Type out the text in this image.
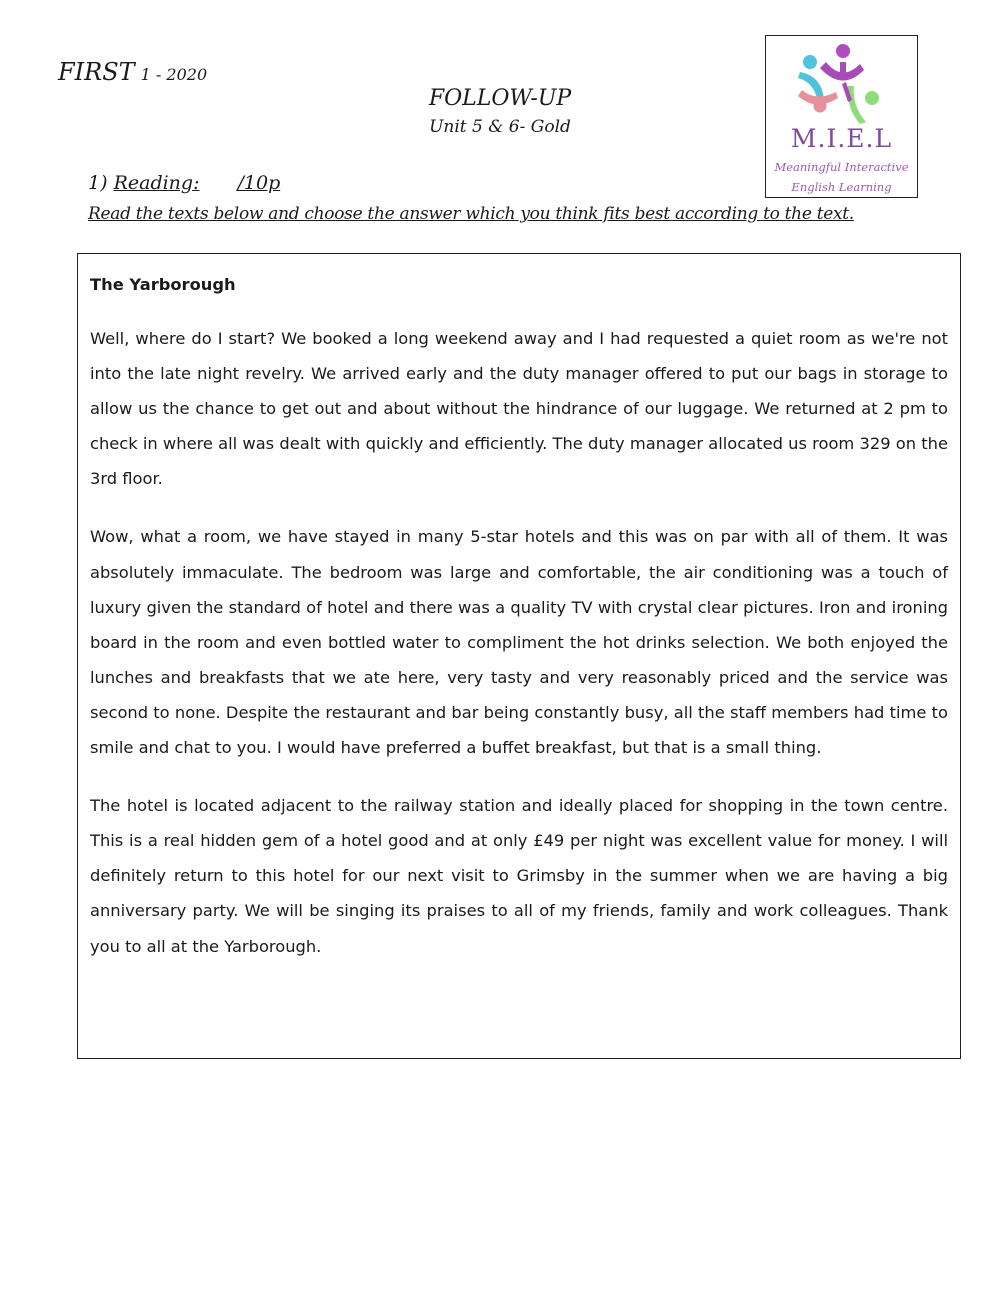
FIRST 1 - 2020
FOLLOW-UP
Unit 5 & 6- Gold	M.I.E.L
Meaningful Interactive
English Learning
1) Reading: /10p
Read the texts below and choose the answer which you think fits best according to the text.

The Yarborough

Well, where do I start? We booked a long weekend away and I had requested a quiet room as we're not into the late night revelry. We arrived early and the duty manager offered to put our bags in storage to allow us the chance to get out and about without the hindrance of our luggage. We returned at 2 pm to check in where all was dealt with quickly and efficiently. The duty manager allocated us room 329 on the 3rd floor.

Wow, what a room, we have stayed in many 5-star hotels and this was on par with all of them. It was absolutely immaculate. The bedroom was large and comfortable, the air conditioning was a touch of luxury given the standard of hotel and there was a quality TV with crystal clear pictures. Iron and ironing board in the room and even bottled water to compliment the hot drinks selection. We both enjoyed the lunches and breakfasts that we ate here, very tasty and very reasonably priced and the service was second to none. Despite the restaurant and bar being constantly busy, all the staff members had time to smile and chat to you. I would have preferred a buffet breakfast, but that is a small thing.

The hotel is located adjacent to the railway station and ideally placed for shopping in the town centre. This is a real hidden gem of a hotel good and at only £49 per night was excellent value for money. I will definitely return to this hotel for our next visit to Grimsby in the summer when we are having a big anniversary party. We will be singing its praises to all of my friends, family and work colleagues. Thank you to all at the Yarborough.
